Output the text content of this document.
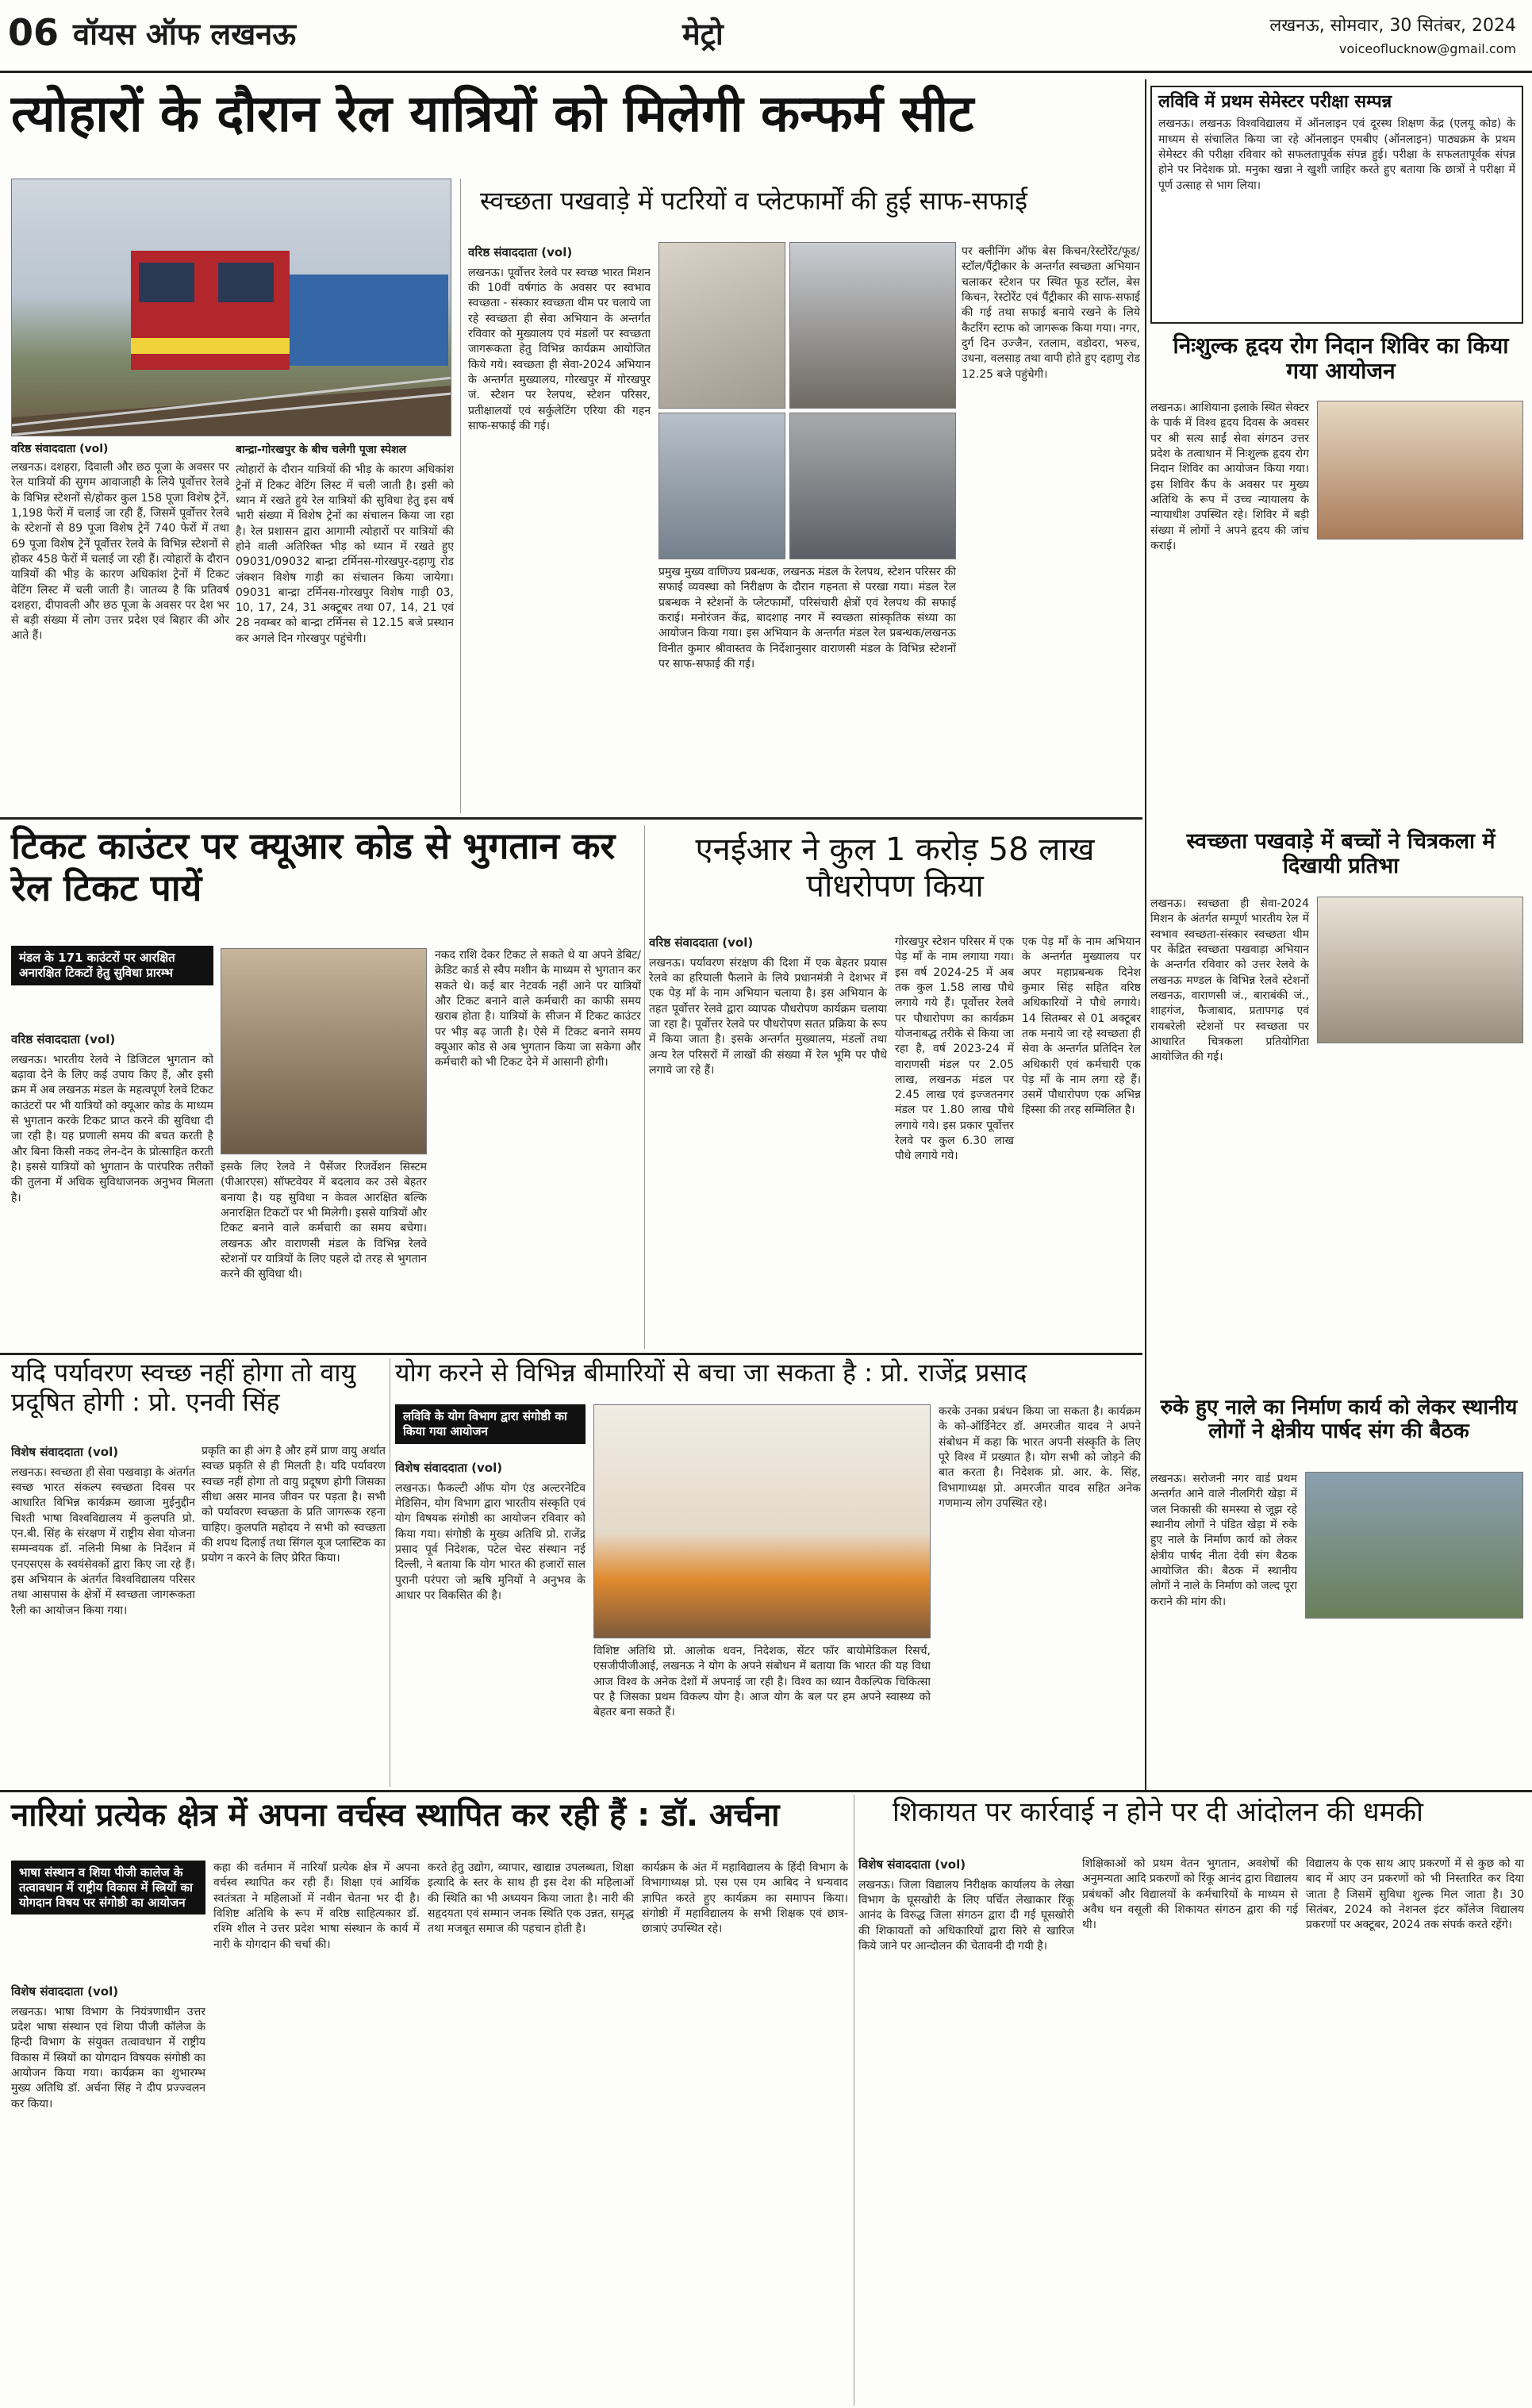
06 वॉयस ऑफ लखनऊ	मेट्रो	लखनऊ, सोमवार, 30 सितंबर, 2024
voiceoflucknow@gmail.com
त्योहारों के दौरान रेल यात्रियों को मिलेगी कन्फर्म सीट
वरिष्ठ संवाददाता (vol)
लखनऊ। दशहरा, दिवाली और छठ पूजा के अवसर पर रेल यात्रियों की सुगम आवाजाही के लिये पूर्वोत्तर रेलवे के विभिन्न स्टेशनों से/होकर कुल 158 पूजा विशेष ट्रेनें, 1,198 फेरों में चलाई जा रही हैं, जिसमें पूर्वोत्तर रेलवे के स्टेशनों से 89 पूजा विशेष ट्रेनें 740 फेरों में तथा 69 पूजा विशेष ट्रेनें पूर्वोत्तर रेलवे के विभिन्न स्टेशनों से होकर 458 फेरों में चलाई जा रही हैं। त्योहारों के दौरान यात्रियों की भीड़ के कारण अधिकांश ट्रेनों में टिकट वेटिंग लिस्ट में चली जाती है। जातव्य है कि प्रतिवर्ष दशहरा, दीपावली और छठ पूजा के अवसर पर देश भर से बड़ी संख्या में लोग उत्तर प्रदेश एवं बिहार की ओर आते हैं।
बान्द्रा-गोरखपुर के बीच चलेगी पूजा स्पेशल
त्योहारों के दौरान यात्रियों की भीड़ के कारण अधिकांश ट्रेनों में टिकट वेटिंग लिस्ट में चली जाती है। इसी को ध्यान में रखते हुये रेल यात्रियों की सुविधा हेतु इस वर्ष भारी संख्या में विशेष ट्रेनों का संचालन किया जा रहा है। रेल प्रशासन द्वारा आगामी त्योहारों पर यात्रियों की होने वाली अतिरिक्त भीड़ को ध्यान में रखते हुए 09031/09032 बान्द्रा टर्मिनस-गोरखपुर-दहाणु रोड जंक्शन विशेष गाड़ी का संचालन किया जायेगा। 09031 बान्द्रा टर्मिनस-गोरखपुर विशेष गाड़ी 03, 10, 17, 24, 31 अक्टूबर तथा 07, 14, 21 एवं 28 नवम्बर को बान्द्रा टर्मिनस से 12.15 बजे प्रस्थान कर अगले दिन गोरखपुर पहुंचेगी।
स्वच्छता पखवाड़े में पटरियों व प्लेटफार्मों की हुई साफ-सफाई
वरिष्ठ संवाददाता (vol)
लखनऊ। पूर्वोत्तर रेलवे पर स्वच्छ भारत मिशन की 10वीं वर्षगांठ के अवसर पर स्वभाव स्वच्छता - संस्कार स्वच्छता थीम पर चलाये जा रहे स्वच्छता ही सेवा अभियान के अन्तर्गत रविवार को मुख्यालय एवं मंडलों पर स्वच्छता जागरूकता हेतु विभिन्न कार्यक्रम आयोजित किये गये। स्वच्छता ही सेवा-2024 अभियान के अन्तर्गत मुख्यालय, गोरखपुर में गोरखपुर जं. स्टेशन पर रेलपथ, स्टेशन परिसर, प्रतीक्षालयों एवं सर्कुलेटिंग एरिया की गहन साफ-सफाई की गई।
प्रमुख मुख्य वाणिज्य प्रबन्धक, लखनऊ मंडल के रेलपथ, स्टेशन परिसर की सफाई व्यवस्था को निरीक्षण के दौरान गहनता से परखा गया। मंडल रेल प्रबन्धक ने स्टेशनों के प्लेटफार्मों, परिसंचारी क्षेत्रों एवं रेलपथ की सफाई कराई। मनोरंजन केंद्र, बादशाह नगर में स्वच्छता सांस्कृतिक संध्या का आयोजन किया गया। इस अभियान के अन्तर्गत मंडल रेल प्रबन्धक/लखनऊ विनीत कुमार श्रीवास्तव के निर्देशानुसार वाराणसी मंडल के विभिन्न स्टेशनों पर साफ-सफाई की गई।
पर क्लीनिंग ऑफ बेस किचन/रेस्टोरेंट/फूड/स्टॉल/पैंट्रीकार के अन्तर्गत स्वच्छता अभियान चलाकर स्टेशन पर स्थित फूड स्टॉल, बेस किचन, रेस्टोरेंट एवं पैंट्रीकार की साफ-सफाई की गई तथा सफाई बनाये रखने के लिये कैटरिंग स्टाफ को जागरूक किया गया। नगर, दुर्ग दिन उज्जैन, रतलाम, वडोदरा, भरुच, उधना, वलसाड़ तथा वापी होते हुए दहाणु रोड 12.25 बजे पहुंचेगी।
लविवि में प्रथम सेमेस्टर परीक्षा सम्पन्न
लखनऊ। लखनऊ विश्वविद्यालय में ऑनलाइन एवं दूरस्थ शिक्षण केंद्र (एलयू कोड) के माध्यम से संचालित किया जा रहे ऑनलाइन एमबीए (ऑनलाइन) पाठ्यक्रम के प्रथम सेमेस्टर की परीक्षा रविवार को सफलतापूर्वक संपन्न हुई। परीक्षा के सफलतापूर्वक संपन्न होने पर निदेशक प्रो. मनुका खन्ना ने खुशी जाहिर करते हुए बताया कि छात्रों ने परीक्षा में पूर्ण उत्साह से भाग लिया।
निःशुल्क हृदय रोग निदान शिविर का किया गया आयोजन
लखनऊ। आशियाना इलाके स्थित सेक्टर के पार्क में विश्व हृदय दिवस के अवसर पर श्री सत्य साईं सेवा संगठन उत्तर प्रदेश के तत्वाधान में निःशुल्क हृदय रोग निदान शिविर का आयोजन किया गया। इस शिविर कैंप के अवसर पर मुख्य अतिथि के रूप में उच्च न्यायालय के न्यायाधीश उपस्थित रहे। शिविर में बड़ी संख्या में लोगों ने अपने हृदय की जांच कराई।
स्वच्छता पखवाड़े में बच्चों ने चित्रकला में दिखायी प्रतिभा
लखनऊ। स्वच्छता ही सेवा-2024 मिशन के अंतर्गत सम्पूर्ण भारतीय रेल में स्वभाव स्वच्छता-संस्कार स्वच्छता थीम पर केंद्रित स्वच्छता पखवाड़ा अभियान के अन्तर्गत रविवार को उत्तर रेलवे के लखनऊ मण्डल के विभिन्न रेलवे स्टेशनों लखनऊ, वाराणसी जं., बाराबंकी जं., शाहगंज, फैजाबाद, प्रतापगढ़ एवं रायबरेली स्टेशनों पर स्वच्छता पर आधारित चित्रकला प्रतियोगिता आयोजित की गई।
रुके हुए नाले का निर्माण कार्य को लेकर स्थानीय लोगों ने क्षेत्रीय पार्षद संग की बैठक
लखनऊ। सरोजनी नगर वार्ड प्रथम अन्तर्गत आने वाले नीलगिरी खेड़ा में जल निकासी की समस्या से जूझ रहे स्थानीय लोगों ने पंडित खेड़ा में रुके हुए नाले के निर्माण कार्य को लेकर क्षेत्रीय पार्षद नीता देवी संग बैठक आयोजित की। बैठक में स्थानीय लोगों ने नाले के निर्माण को जल्द पूरा कराने की मांग की।
टिकट काउंटर पर क्यूआर कोड से भुगतान कर रेल टिकट पायें
मंडल के 171 काउंटरों पर आरक्षित अनारक्षित टिकटों हेतु सुविधा प्रारम्भ
वरिष्ठ संवाददाता (vol)
लखनऊ। भारतीय रेलवे ने डिजिटल भुगतान को बढ़ावा देने के लिए कई उपाय किए हैं, और इसी क्रम में अब लखनऊ मंडल के महत्वपूर्ण रेलवे टिकट काउंटरों पर भी यात्रियों को क्यूआर कोड के माध्यम से भुगतान करके टिकट प्राप्त करने की सुविधा दी जा रही है। यह प्रणाली समय की बचत करती है और बिना किसी नकद लेन-देन के प्रोत्साहित करती है। इससे यात्रियों को भुगतान के पारंपरिक तरीकों की तुलना में अधिक सुविधाजनक अनुभव मिलता है।
इसके लिए रेलवे ने पैसेंजर रिजर्वेशन सिस्टम (पीआरएस) सॉफ्टवेयर में बदलाव कर उसे बेहतर बनाया है। यह सुविधा न केवल आरक्षित बल्कि अनारक्षित टिकटों पर भी मिलेगी। इससे यात्रियों और टिकट बनाने वाले कर्मचारी का समय बचेगा। लखनऊ और वाराणसी मंडल के विभिन्न रेलवे स्टेशनों पर यात्रियों के लिए पहले दो तरह से भुगतान करने की सुविधा थी।
नकद राशि देकर टिकट ले सकते थे या अपने डेबिट/क्रेडिट कार्ड से स्वैप मशीन के माध्यम से भुगतान कर सकते थे। कई बार नेटवर्क नहीं आने पर यात्रियों और टिकट बनाने वाले कर्मचारी का काफी समय खराब होता है। यात्रियों के सीजन में टिकट काउंटर पर भीड़ बढ़ जाती है। ऐसे में टिकट बनाने समय क्यूआर कोड से अब भुगतान किया जा सकेगा और कर्मचारी को भी टिकट देने में आसानी होगी।
एनईआर ने कुल 1 करोड़ 58 लाख पौधरोपण किया
वरिष्ठ संवाददाता (vol)
लखनऊ। पर्यावरण संरक्षण की दिशा में एक बेहतर प्रयास रेलवे का हरियाली फैलाने के लिये प्रधानमंत्री ने देशभर में एक पेड़ माँ के नाम अभियान चलाया है। इस अभियान के तहत पूर्वोत्तर रेलवे द्वारा व्यापक पौधरोपण कार्यक्रम चलाया जा रहा है। पूर्वोत्तर रेलवे पर पौधरोपण सतत प्रक्रिया के रूप में किया जाता है। इसके अन्तर्गत मुख्यालय, मंडलों तथा अन्य रेल परिसरों में लाखों की संख्या में रेल भूमि पर पौधे लगाये जा रहे हैं।
गोरखपुर स्टेशन परिसर में एक पेड़ माँ के नाम लगाया गया। इस वर्ष 2024-25 में अब तक कुल 1.58 लाख पौधे लगाये गये हैं। पूर्वोत्तर रेलवे पर पौधारोपण का कार्यक्रम योजनाबद्ध तरीके से किया जा रहा है, वर्ष 2023-24 में वाराणसी मंडल पर 2.05 लाख, लखनऊ मंडल पर 2.45 लाख एवं इज्जतनगर मंडल पर 1.80 लाख पौधे लगाये गये। इस प्रकार पूर्वोत्तर रेलवे पर कुल 6.30 लाख पौधे लगाये गये।
एक पेड़ माँ के नाम अभियान के अन्तर्गत मुख्यालय पर अपर महाप्रबन्धक दिनेश कुमार सिंह सहित वरिष्ठ अधिकारियों ने पौधे लगाये। 14 सितम्बर से 01 अक्टूबर तक मनाये जा रहे स्वच्छता ही सेवा के अन्तर्गत प्रतिदिन रेल अधिकारी एवं कर्मचारी एक पेड़ माँ के नाम लगा रहे हैं। उसमें पौधारोपण एक अभिन्न हिस्सा की तरह सम्मिलित है।
यदि पर्यावरण स्वच्छ नहीं होगा तो वायु प्रदूषित होगी : प्रो. एनवी सिंह
विशेष संवाददाता (vol)
लखनऊ। स्वच्छता ही सेवा पखवाड़ा के अंतर्गत स्वच्छ भारत संकल्प स्वच्छता दिवस पर आधारित विभिन्न कार्यक्रम ख्वाजा मुईनुद्दीन चिश्ती भाषा विश्वविद्यालय में कुलपति प्रो. एन.बी. सिंह के संरक्षण में राष्ट्रीय सेवा योजना सम्मन्वयक डॉ. नलिनी मिश्रा के निर्देशन में एनएसएस के स्वयंसेवकों द्वारा किए जा रहे हैं। इस अभियान के अंतर्गत विश्वविद्यालय परिसर तथा आसपास के क्षेत्रों में स्वच्छता जागरूकता रैली का आयोजन किया गया।
प्रकृति का ही अंग है और हमें प्राण वायु अर्थात स्वच्छ प्रकृति से ही मिलती है। यदि पर्यावरण स्वच्छ नहीं होगा तो वायु प्रदूषण होगी जिसका सीधा असर मानव जीवन पर पड़ता है। सभी को पर्यावरण स्वच्छता के प्रति जागरूक रहना चाहिए। कुलपति महोदय ने सभी को स्वच्छता की शपथ दिलाई तथा सिंगल यूज प्लास्टिक का प्रयोग न करने के लिए प्रेरित किया।
योग करने से विभिन्न बीमारियों से बचा जा सकता है : प्रो. राजेंद्र प्रसाद
लविवि के योग विभाग द्वारा संगोष्ठी का किया गया आयोजन
विशेष संवाददाता (vol)
लखनऊ। फैकल्टी ऑफ योग एंड अल्टरनेटिव मेडिसिन, योग विभाग द्वारा भारतीय संस्कृति एवं योग विषयक संगोष्ठी का आयोजन रविवार को किया गया। संगोष्ठी के मुख्य अतिथि प्रो. राजेंद्र प्रसाद पूर्व निदेशक, पटेल चेस्ट संस्थान नई दिल्ली, ने बताया कि योग भारत की हजारों साल पुरानी परंपरा जो ऋषि मुनियों ने अनुभव के आधार पर विकसित की है।
विशिष्ट अतिथि प्रो. आलोक धवन, निदेशक, सेंटर फॉर बायोमेडिकल रिसर्च, एसजीपीजीआई, लखनऊ ने योग के अपने संबोधन में बताया कि भारत की यह विधा आज विश्व के अनेक देशों में अपनाई जा रही है। विश्व का ध्यान वैकल्पिक चिकित्सा पर है जिसका प्रथम विकल्प योग है। आज योग के बल पर हम अपने स्वास्थ्य को बेहतर बना सकते हैं।
करके उनका प्रबंधन किया जा सकता है। कार्यक्रम के को-ऑर्डिनेटर डॉ. अमरजीत यादव ने अपने संबोधन में कहा कि भारत अपनी संस्कृति के लिए पूरे विश्व में प्रख्यात है। योग सभी को जोड़ने की बात करता है। निदेशक प्रो. आर. के. सिंह, विभागाध्यक्ष प्रो. अमरजीत यादव सहित अनेक गणमान्य लोग उपस्थित रहे।
नारियां प्रत्येक क्षेत्र में अपना वर्चस्व स्थापित कर रही हैं : डॉ. अर्चना
भाषा संस्थान व शिया पीजी कालेज के तत्वावधान में राष्ट्रीय विकास में स्त्रियों का योगदान विषय पर संगोष्ठी का आयोजन
विशेष संवाददाता (vol)
लखनऊ। भाषा विभाग के नियंत्रणाधीन उत्तर प्रदेश भाषा संस्थान एवं शिया पीजी कॉलेज के हिन्दी विभाग के संयुक्त तत्वावधान में राष्ट्रीय विकास में स्त्रियों का योगदान विषयक संगोष्ठी का आयोजन किया गया। कार्यक्रम का शुभारम्भ मुख्य अतिथि डॉ. अर्चना सिंह ने दीप प्रज्ज्वलन कर किया।
कहा की वर्तमान में नारियाँ प्रत्येक क्षेत्र में अपना वर्चस्व स्थापित कर रही हैं। शिक्षा एवं आर्थिक स्वतंत्रता ने महिलाओं में नवीन चेतना भर दी है। विशिष्ट अतिथि के रूप में वरिष्ठ साहित्यकार डॉ. रश्मि शील ने उत्तर प्रदेश भाषा संस्थान के कार्य में नारी के योगदान की चर्चा की।
करते हेतु उद्योग, व्यापार, खाद्यान्न उपलब्धता, शिक्षा इत्यादि के स्तर के साथ ही इस देश की महिलाओं की स्थिति का भी अध्ययन किया जाता है। नारी की सहृदयता एवं सम्मान जनक स्थिति एक उन्नत, समृद्ध तथा मजबूत समाज की पहचान होती है।
कार्यक्रम के अंत में महाविद्यालय के हिंदी विभाग के विभागाध्यक्ष प्रो. एस एस एम आबिद ने धन्यवाद ज्ञापित करते हुए कार्यक्रम का समापन किया। संगोष्ठी में महाविद्यालय के सभी शिक्षक एवं छात्र-छात्राएं उपस्थित रहे।
शिकायत पर कार्रवाई न होने पर दी आंदोलन की धमकी
विशेष संवाददाता (vol)
लखनऊ। जिला विद्यालय निरीक्षक कार्यालय के लेखा विभाग के घूसखोरी के लिए पर्चित लेखाकार रिंकू आनंद के विरुद्ध जिला संगठन द्वारा दी गई घूसखोरी की शिकायतों को अधिकारियों द्वारा सिरे से खारिज किये जाने पर आन्दोलन की चेतावनी दी गयी है।
शिक्षिकाओं को प्रथम वेतन भुगतान, अवशेषों की अनुमन्यता आदि प्रकरणों को रिंकू आनंद द्वारा विद्यालय प्रबंधकों और विद्यालयों के कर्मचारियों के माध्यम से अवैध धन वसूली की शिकायत संगठन द्वारा की गई थी।
विद्यालय के एक साथ आए प्रकरणों में से कुछ को या बाद में आए उन प्रकरणों को भी निस्तारित कर दिया जाता है जिसमें सुविधा शुल्क मिल जाता है। 30 सितंबर, 2024 को नेशनल इंटर कॉलेज विद्यालय प्रकरणों पर अक्टूबर, 2024 तक संपर्क करते रहेंगे।
